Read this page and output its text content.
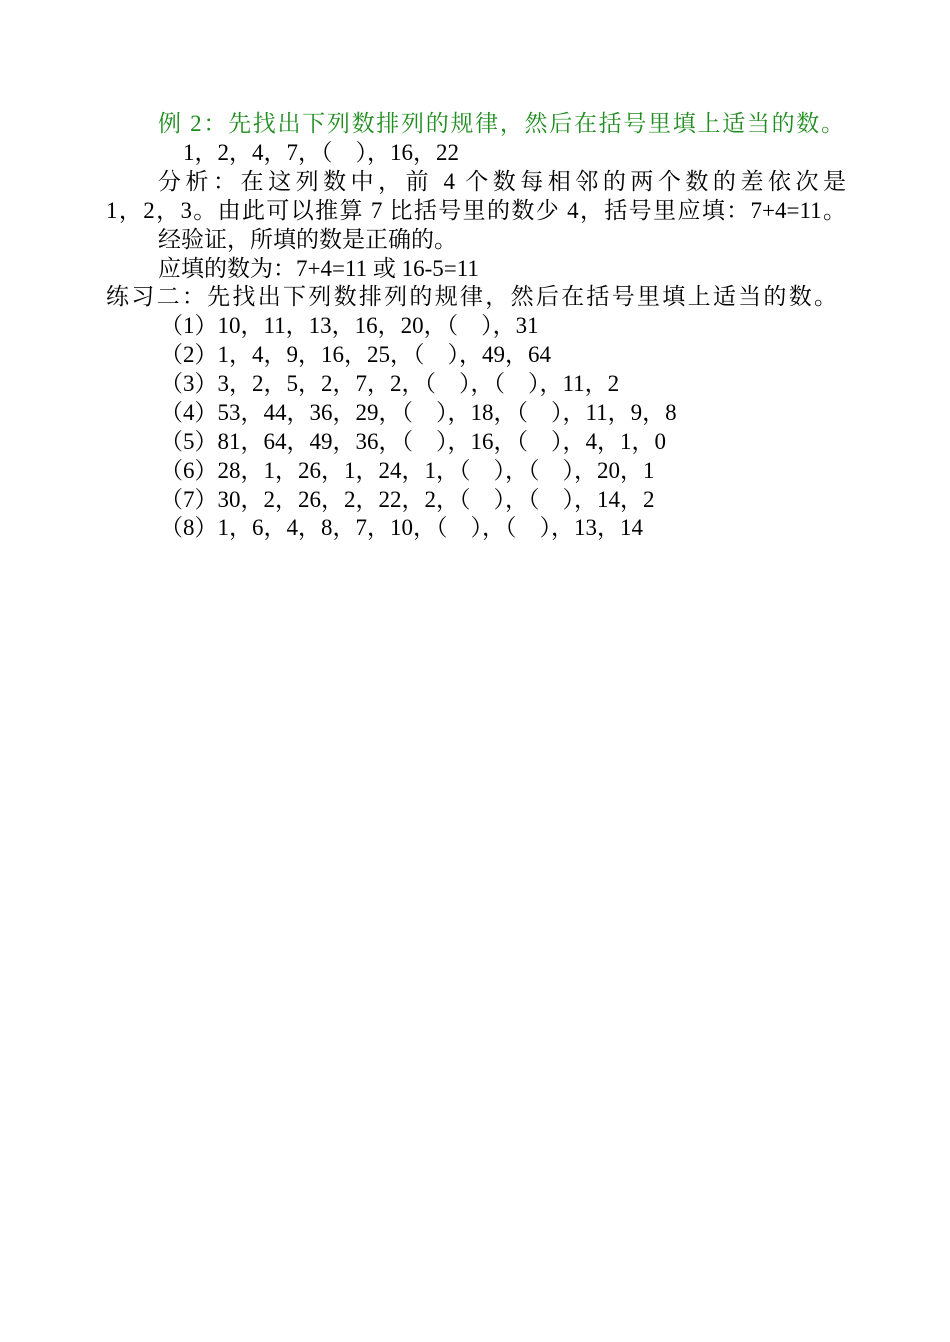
例 2：先找出下列数排列的规律，然后在括号里填上适当的数。
1，2，4，7，（    ），16，22
分析：在这列数中，前 4 个数每相邻的两个数的差依次是
1，2，3。由此可以推算 7 比括号里的数少 4，括号里应填：7+4=11。
经验证，所填的数是正确的。
应填的数为：7+4=11 或 16-5=11
练习二：先找出下列数排列的规律，然后在括号里填上适当的数。
（1）10，11，13，16，20，（    ），31
（2）1，4，9，16，25，（    ），49，64
（3）3，2，5，2，7，2，（    ），（    ），11，2
（4）53，44，36，29，（    ），18，（    ），11，9，8
（5）81，64，49，36，（    ），16，（    ），4，1，0
（6）28，1，26，1，24，1，（    ），（    ），20，1
（7）30，2，26，2，22，2，（    ），（    ），14，2
（8）1，6，4，8，7，10，（    ），（    ），13，14
